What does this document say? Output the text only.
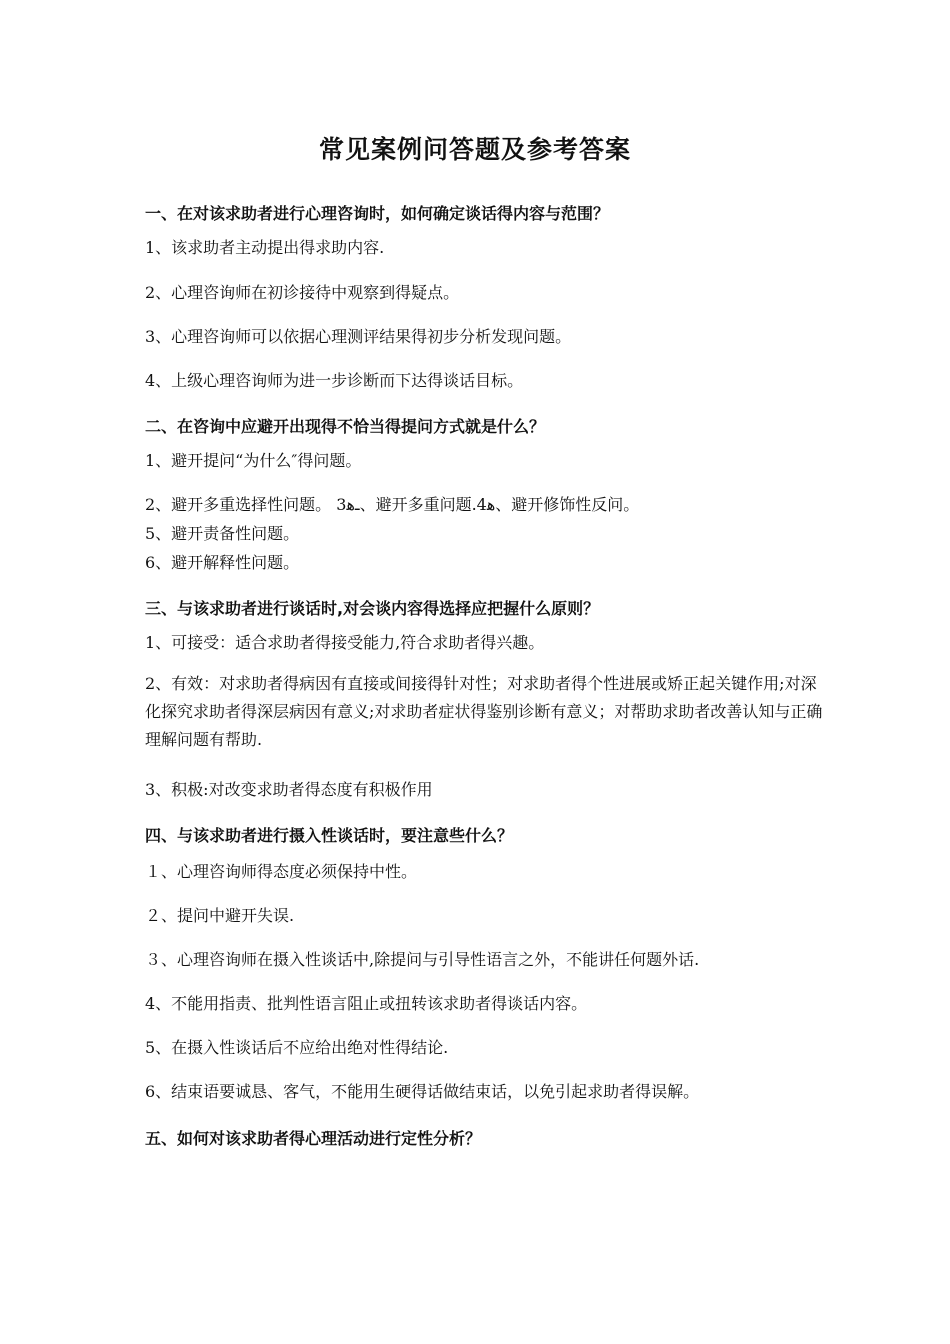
常见案例问答题及参考答案
一、在对该求助者进行心理咨询时，如何确定谈话得内容与范围？
1、该求助者主动提出得求助内容.
2、心理咨询师在初诊接待中观察到得疑点。
3、心理咨询师可以依据心理测评结果得初步分析发现问题。
4、上级心理咨询师为进一步诊断而下达得谈话目标。
二、在咨询中应避开出现得不恰当得提问方式就是什么？
1、避开提问“为什么″得问题。
2、避开多重选择性问题。 3ـﻫ、避开多重问题.4ﻫ、避开修饰性反问。
5、避开责备性问题。
6、避开解释性问题。
三、与该求助者进行谈话时,对会谈内容得选择应把握什么原则？
1、可接受：适合求助者得接受能力,符合求助者得兴趣。
2、有效：对求助者得病因有直接或间接得针对性；对求助者得个性进展或矫正起关键作用;对深化探究求助者得深层病因有意义;对求助者症状得鉴别诊断有意义；对帮助求助者改善认知与正确理解问题有帮助.
3、积极:对改变求助者得态度有积极作用
四、与该求助者进行摄入性谈话时，要注意些什么？
１、心理咨询师得态度必须保持中性。
２、提问中避开失误.
３、心理咨询师在摄入性谈话中,除提问与引导性语言之外，不能讲任何题外话.
4、不能用指责、批判性语言阻止或扭转该求助者得谈话内容。
5、在摄入性谈话后不应给出绝对性得结论.
6、结束语要诚恳、客气，不能用生硬得话做结束话，以免引起求助者得误解。
五、如何对该求助者得心理活动进行定性分析？
